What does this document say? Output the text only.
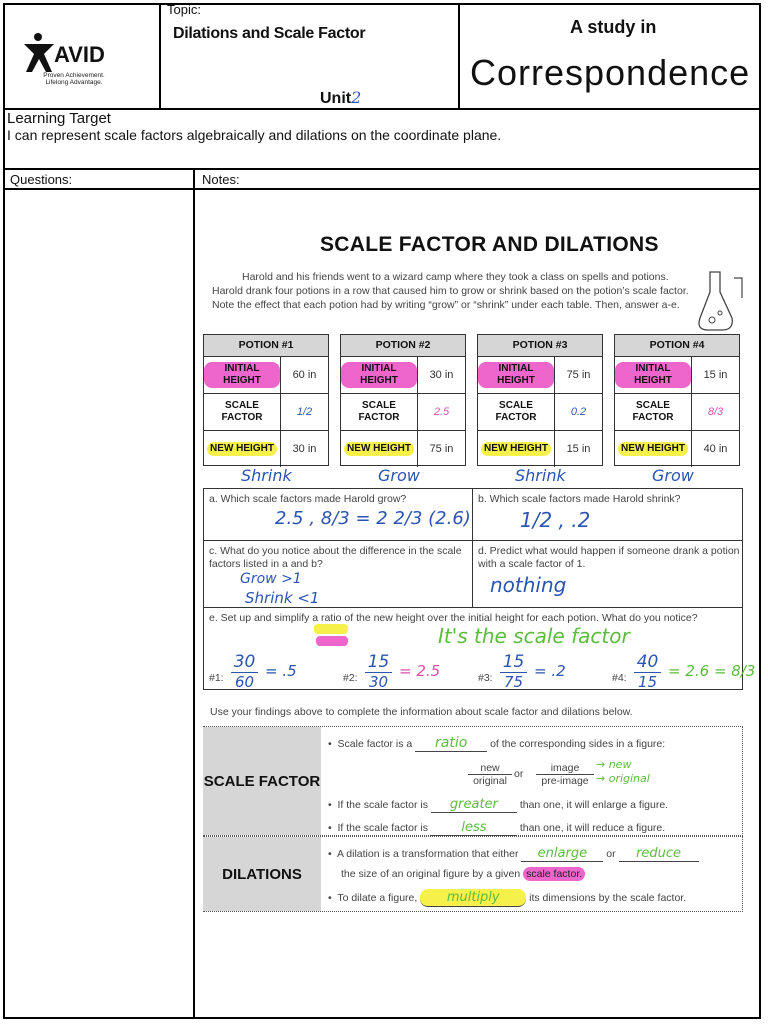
AVID
Proven Achievement.
Lifelong Advantage.
Topic:
Dilations and Scale Factor
Unit2
A study in
Correspondence
Learning Target
I can represent scale factors algebraically and dilations on the coordinate plane.
Questions:	Notes:
SCALE FACTOR AND DILATIONS
Harold and his friends went to a wizard camp where they took a class on spells and potions. Harold drank four potions in a row that caused him to grow or shrink based on the potion’s scale factor. Note the effect that each potion had by writing “grow” or “shrink” under each table. Then, answer a-e.
POTION #1
INITIAL HEIGHT	60 in
SCALE FACTOR	1/2
NEW HEIGHT	30 in
Shrink
POTION #2
INITIAL HEIGHT	30 in
SCALE FACTOR	2.5
NEW HEIGHT	75 in
Grow
POTION #3
INITIAL HEIGHT	75 in
SCALE FACTOR	0.2
NEW HEIGHT	15 in
Shrink
POTION #4
INITIAL HEIGHT	15 in
SCALE FACTOR	8/3
NEW HEIGHT	40 in
Grow
a. Which scale factors made Harold grow?
2.5 , 8/3 = 2 2/3 (2.6)
b. Which scale factors made Harold shrink?
1/2 , .2
c. What do you notice about the difference in the scale factors listed in a and b?
Grow >1
Shrink <1
d. Predict what would happen if someone drank a potion with a scale factor of 1.
nothing
e. Set up and simplify a ratio of the new height over the initial height for each potion. What do you notice?
It's the scale factor
#1: $\frac{30}{60} = .5$	#2: $\frac{15}{30} = 2.5$	#3: $\frac{15}{75} = .2$	#4: $\frac{40}{15} = 2.6 = 8/3$
Use your findings above to complete the information about scale factor and dilations below.
SCALE FACTOR
•  Scale factor is a ratio of the corresponding sides in a figure:
new
original
or	image
pre-image
→ new
→ original
•  If the scale factor is greater than one, it will enlarge a figure.
•  If the scale factor is	less	than one, it will reduce a figure.
DILATIONS
•  A dilation is a transformation that either enlarge or reduce
the size of an original figure by a given scale factor.
•  To dilate a figure, multiply	its dimensions by the scale factor.
